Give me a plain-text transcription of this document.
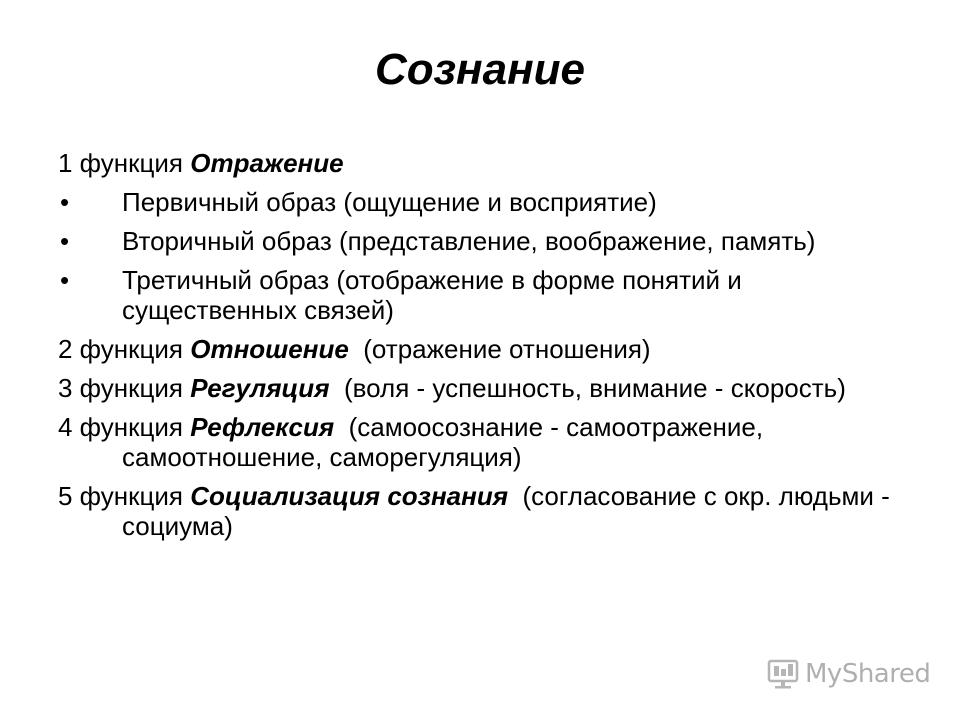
Сознание
1 функция Отражение
• Первичный образ (ощущение и восприятие)
• Вторичный образ (представление, воображение, память)
• Третичный образ (отображение в форме понятий и существенных связей)
2 функция Отношение  (отражение отношения)
3 функция Регуляция  (воля - успешность, внимание - скорость)
4 функция Рефлексия  (самоосознание - самоотражение, самоотношение, саморегуляция)
5 функция Социализация сознания  (согласование с окр. людьми - социума)
MyShared
